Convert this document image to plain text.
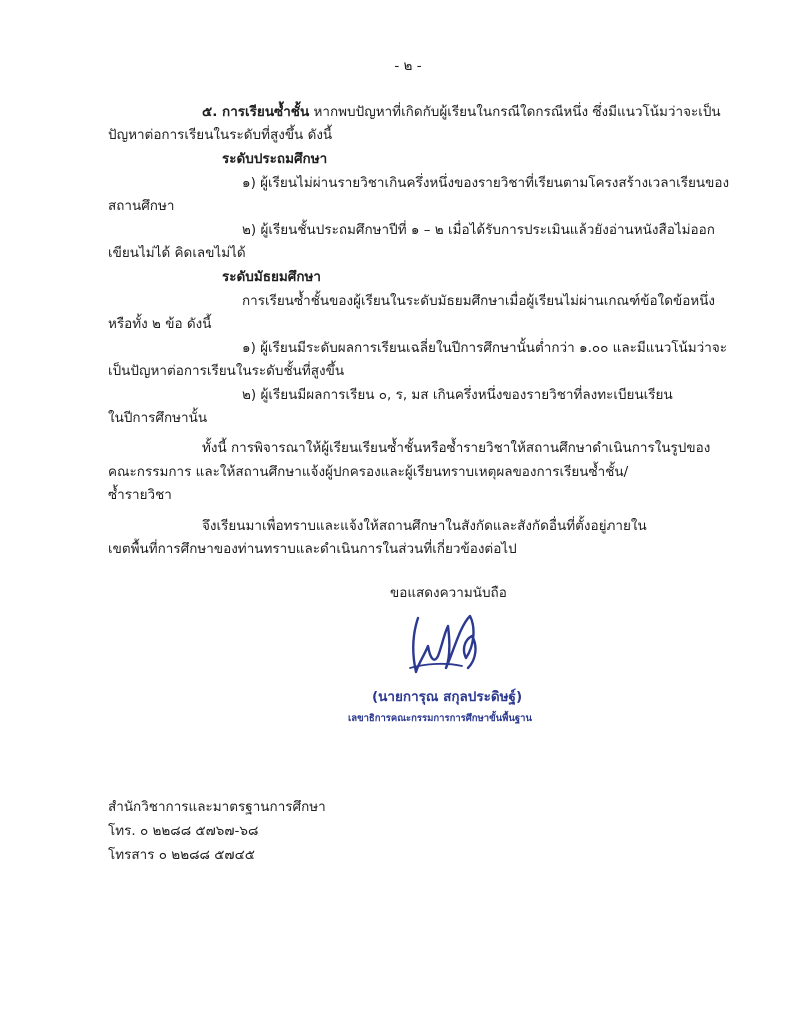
- ๒ -
๕. การเรียนซ้ำชั้น หากพบปัญหาที่เกิดกับผู้เรียนในกรณีใดกรณีหนึ่ง ซึ่งมีแนวโน้มว่าจะเป็น
ปัญหาต่อการเรียนในระดับที่สูงขึ้น ดังนี้
ระดับประถมศึกษา
๑) ผู้เรียนไม่ผ่านรายวิชาเกินครึ่งหนึ่งของรายวิชาที่เรียนตามโครงสร้างเวลาเรียนของ
สถานศึกษา
๒) ผู้เรียนชั้นประถมศึกษาปีที่ ๑ – ๒ เมื่อได้รับการประเมินแล้วยังอ่านหนังสือไม่ออก
เขียนไม่ได้ คิดเลขไม่ได้
ระดับมัธยมศึกษา
การเรียนซ้ำชั้นของผู้เรียนในระดับมัธยมศึกษาเมื่อผู้เรียนไม่ผ่านเกณฑ์ข้อใดข้อหนึ่ง
หรือทั้ง ๒ ข้อ ดังนี้
๑) ผู้เรียนมีระดับผลการเรียนเฉลี่ยในปีการศึกษานั้นต่ำกว่า ๑.๐๐ และมีแนวโน้มว่าจะ
เป็นปัญหาต่อการเรียนในระดับชั้นที่สูงขึ้น
๒) ผู้เรียนมีผลการเรียน ๐, ร, มส เกินครึ่งหนึ่งของรายวิชาที่ลงทะเบียนเรียน
ในปีการศึกษานั้น
ทั้งนี้ การพิจารณาให้ผู้เรียนเรียนซ้ำชั้นหรือซ้ำรายวิชาให้สถานศึกษาดำเนินการในรูปของ
คณะกรรมการ และให้สถานศึกษาแจ้งผู้ปกครองและผู้เรียนทราบเหตุผลของการเรียนซ้ำชั้น/
ซ้ำรายวิชา
จึงเรียนมาเพื่อทราบและแจ้งให้สถานศึกษาในสังกัดและสังกัดอื่นที่ตั้งอยู่ภายใน
เขตพื้นที่การศึกษาของท่านทราบและดำเนินการในส่วนที่เกี่ยวข้องต่อไป
ขอแสดงความนับถือ
(นายการุณ สกุลประดิษฐ์)
เลขาธิการคณะกรรมการการศึกษาขั้นพื้นฐาน
สำนักวิชาการและมาตรฐานการศึกษา
โทร. ๐ ๒๒๘๘ ๕๗๖๗-๖๘
โทรสาร ๐ ๒๒๘๘ ๕๗๔๕
